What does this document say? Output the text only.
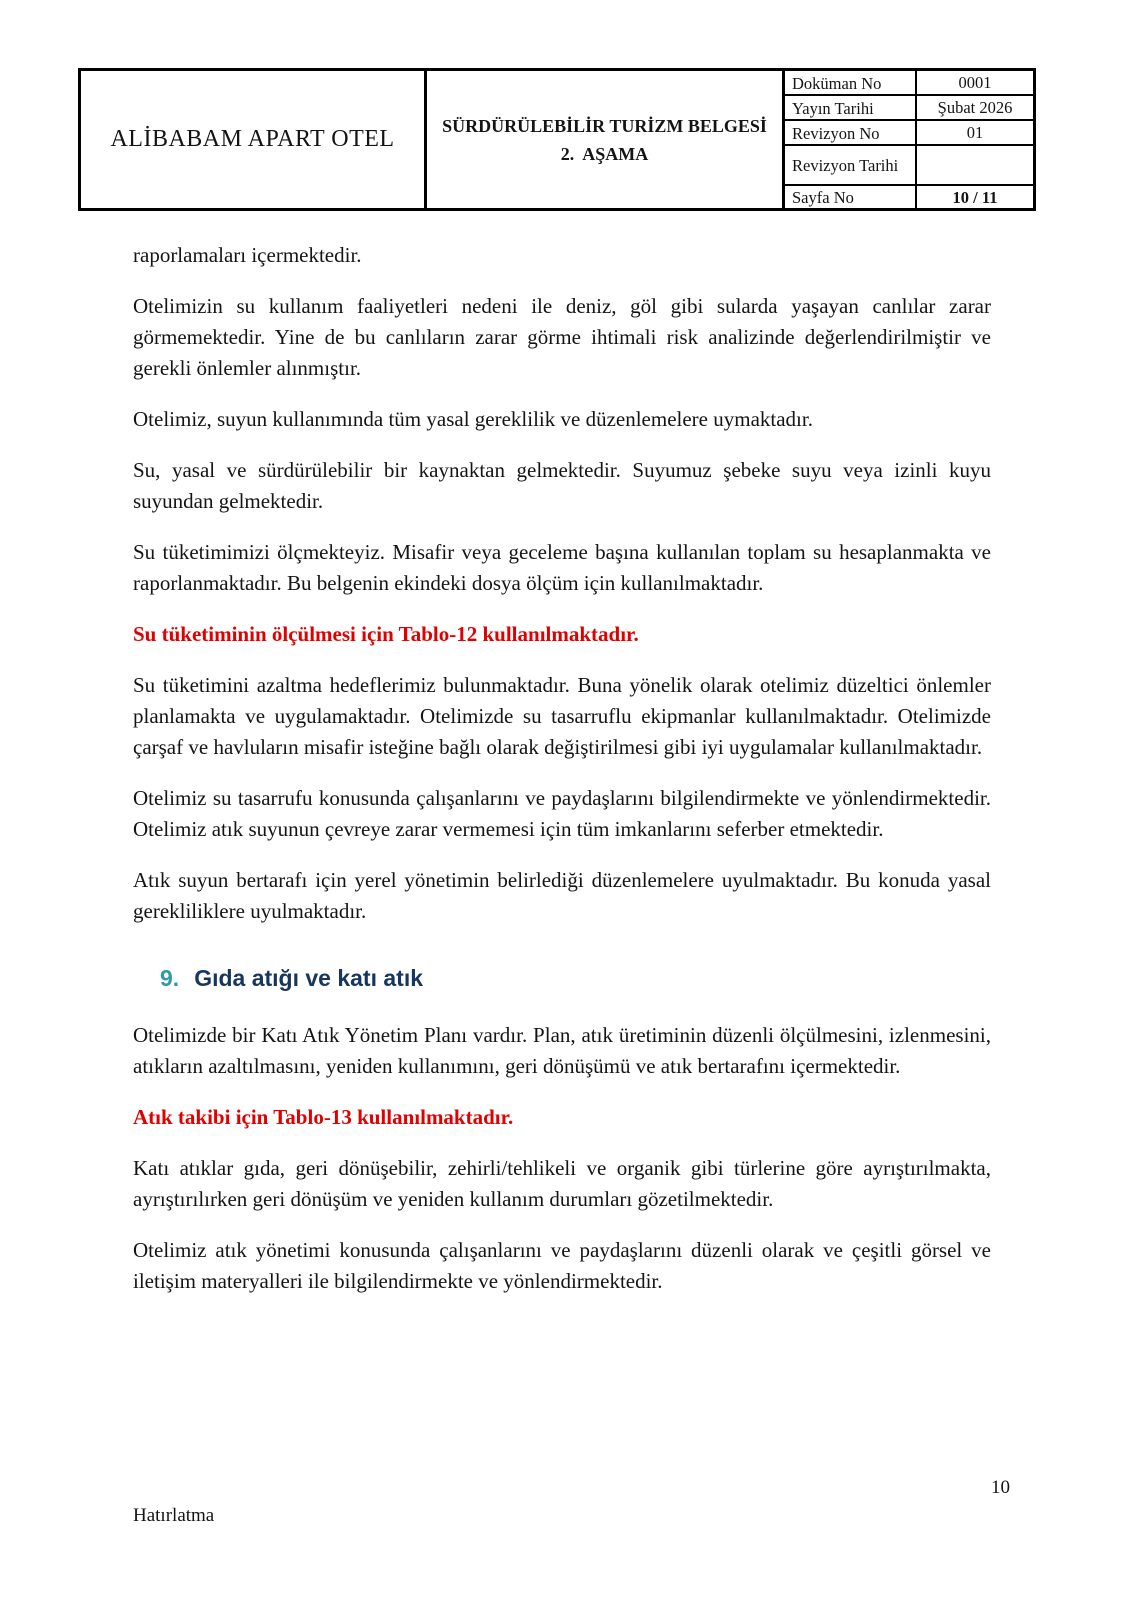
ALİBABAM APART OTEL
SÜRDÜRÜLEBİLİR TURİZM BELGESİ
2.  AŞAMA
Doküman No	0001
Yayın Tarihi	Şubat 2026
Revizyon No	01
Revizyon Tarihi
Sayfa No	10 / 11

raporlamaları içermektedir.

Otelimizin su kullanım faaliyetleri nedeni ile deniz, göl gibi sularda yaşayan canlılar zarar görmemektedir. Yine de bu canlıların zarar görme ihtimali risk analizinde değerlendirilmiştir ve gerekli önlemler alınmıştır.

Otelimiz, suyun kullanımında tüm yasal gereklilik ve düzenlemelere uymaktadır.

Su, yasal ve sürdürülebilir bir kaynaktan gelmektedir. Suyumuz şebeke suyu veya izinli kuyu suyundan gelmektedir.

Su tüketimimizi ölçmekteyiz. Misafir veya geceleme başına kullanılan toplam su hesaplanmakta ve raporlanmaktadır. Bu belgenin ekindeki dosya ölçüm için kullanılmaktadır.

Su tüketiminin ölçülmesi için Tablo-12 kullanılmaktadır.

Su tüketimini azaltma hedeflerimiz bulunmaktadır. Buna yönelik olarak otelimiz düzeltici önlemler planlamakta ve uygulamaktadır. Otelimizde su tasarruflu ekipmanlar kullanılmaktadır. Otelimizde çarşaf ve havluların misafir isteğine bağlı olarak değiştirilmesi gibi iyi uygulamalar kullanılmaktadır.

Otelimiz su tasarrufu konusunda çalışanlarını ve paydaşlarını bilgilendirmekte ve yönlendirmektedir. Otelimiz atık suyunun çevreye zarar vermemesi için tüm imkanlarını seferber etmektedir.

Atık suyun bertarafı için yerel yönetimin belirlediği düzenlemelere uyulmaktadır. Bu konuda yasal gerekliliklere uyulmaktadır.

9. Gıda atığı ve katı atık

Otelimizde bir Katı Atık Yönetim Planı vardır. Plan, atık üretiminin düzenli ölçülmesini, izlenmesini, atıkların azaltılmasını, yeniden kullanımını, geri dönüşümü ve atık bertarafını içermektedir.

Atık takibi için Tablo-13 kullanılmaktadır.

Katı atıklar gıda, geri dönüşebilir, zehirli/tehlikeli ve organik gibi türlerine göre ayrıştırılmakta, ayrıştırılırken geri dönüşüm ve yeniden kullanım durumları gözetilmektedir.

Otelimiz atık yönetimi konusunda çalışanlarını ve paydaşlarını düzenli olarak ve çeşitli görsel ve iletişim materyalleri ile bilgilendirmekte ve yönlendirmektedir.

10
Hatırlatma
